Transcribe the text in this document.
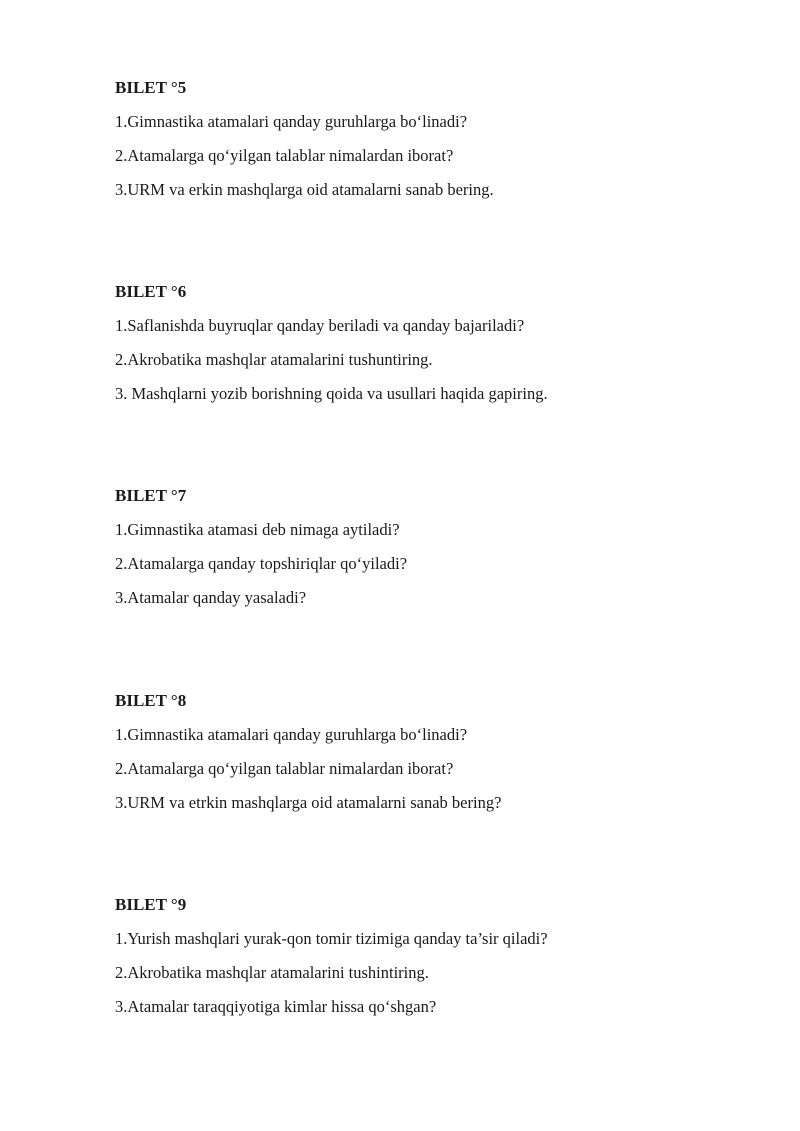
BILET °5

1.Gimnastika atamalari qanday guruhlarga bo‘linadi?

2.Atamalarga qo‘yilgan talablar nimalardan iborat?

3.URM va erkin mashqlarga oid atamalarni sanab bering.

BILET °6

1.Saflanishda buyruqlar qanday beriladi va qanday bajariladi?

2.Akrobatika mashqlar atamalarini tushuntiring.

3. Mashqlarni yozib borishning qoida va usullari haqida gapiring.

BILET °7

1.Gimnastika atamasi deb nimaga aytiladi?

2.Atamalarga qanday topshiriqlar qo‘yiladi?

3.Atamalar qanday yasaladi?

BILET °8

1.Gimnastika atamalari qanday guruhlarga bo‘linadi?

2.Atamalarga qo‘yilgan talablar nimalardan iborat?

3.URM va etrkin mashqlarga oid atamalarni sanab bering?

BILET °9

1.Yurish mashqlari yurak-qon tomir tizimiga qanday ta’sir qiladi?

2.Akrobatika mashqlar atamalarini tushintiring.

3.Atamalar taraqqiyotiga kimlar hissa qo‘shgan?
